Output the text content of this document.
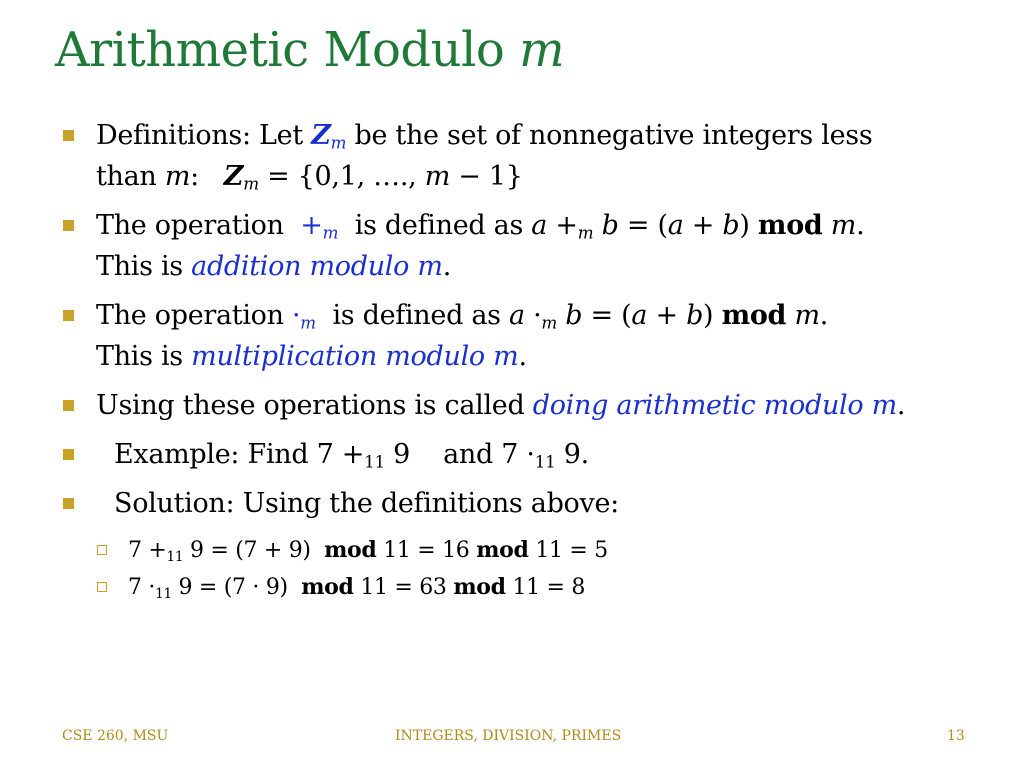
Arithmetic Modulo m
Definitions: Let $Z_m$ be the set of nonnegative integers less
than m:   $Z_m = \{0,1$, …., m − 1}
The operation  $+_m$  is defined as $a +_m$ b = (a + b) mod m.
This is addition modulo m.
The operation $\cdot_m$  is defined as $a \cdot_m$ b = (a + b) mod m.
This is multiplication modulo m.
Using these operations is called doing arithmetic modulo m.
Example: Find $7 +_{11}$ 9    and $7 \cdot_{11}$ 9.
Solution: Using the definitions above:
$7 +_{11}$ 9 = (7 + 9)  mod 11 = 16 mod 11 = 5
$7 \cdot_{11}$ 9 = (7 · 9)  mod 11 = 63 mod 11 = 8
CSE 260, MSU	INTEGERS, DIVISION, PRIMES	13
